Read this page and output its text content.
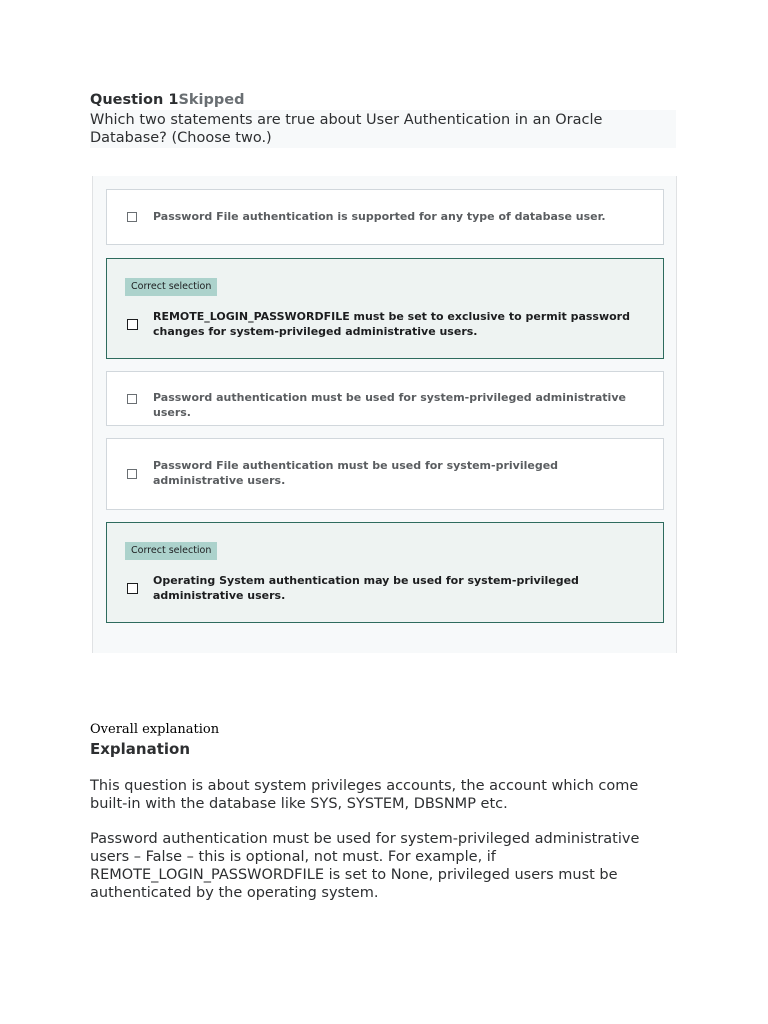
Question 1Skipped
Which two statements are true about User Authentication in an Oracle Database? (Choose two.)
Password File authentication is supported for any type of database user.
Correct selection
REMOTE_LOGIN_PASSWORDFILE must be set to exclusive to permit password changes for system-privileged administrative users.
Password authentication must be used for system-privileged administrative users.
Password File authentication must be used for system-privileged administrative users.
Correct selection
Operating System authentication may be used for system-privileged administrative users.
Overall explanation
Explanation
This question is about system privileges accounts, the account which come built-in with the database like SYS, SYSTEM, DBSNMP etc.
Password authentication must be used for system-privileged administrative users – False – this is optional, not must. For example, if REMOTE_LOGIN_PASSWORDFILE is set to None, privileged users must be authenticated by the operating system.
